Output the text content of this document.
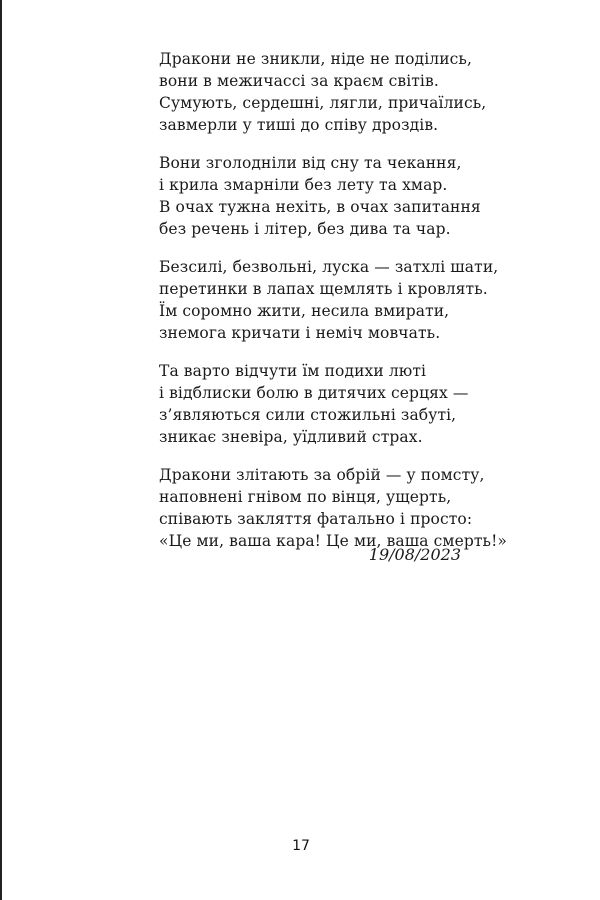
Дракони не зникли, ніде не поділись,
вони в межичассі за краєм світів.
Сумують, сердешні, лягли, причаїлись,
завмерли у тиші до співу дроздів.
Вони зголодніли від сну та чекання,
і крила змарніли без лету та хмар.
В очах тужна нехіть, в очах запитання
без речень і літер, без дива та чар.
Безсилі, безвольні, луска — затхлі шати,
перетинки в лапах щемлять і кровлять.
Їм соромно жити, несила вмирати,
знемога кричати і неміч мовчать.
Та варто відчути їм подихи люті
і відблиски болю в дитячих серцях —
з’являються сили стожильні забуті,
зникає зневіра, уїдливий страх.
Дракони злітають за обрій — у помсту,
наповнені гнівом по вінця, ущерть,
співають закляття фатально і просто:
«Це ми, ваша кара! Це ми, ваша смерть!»
19/08/2023
17
